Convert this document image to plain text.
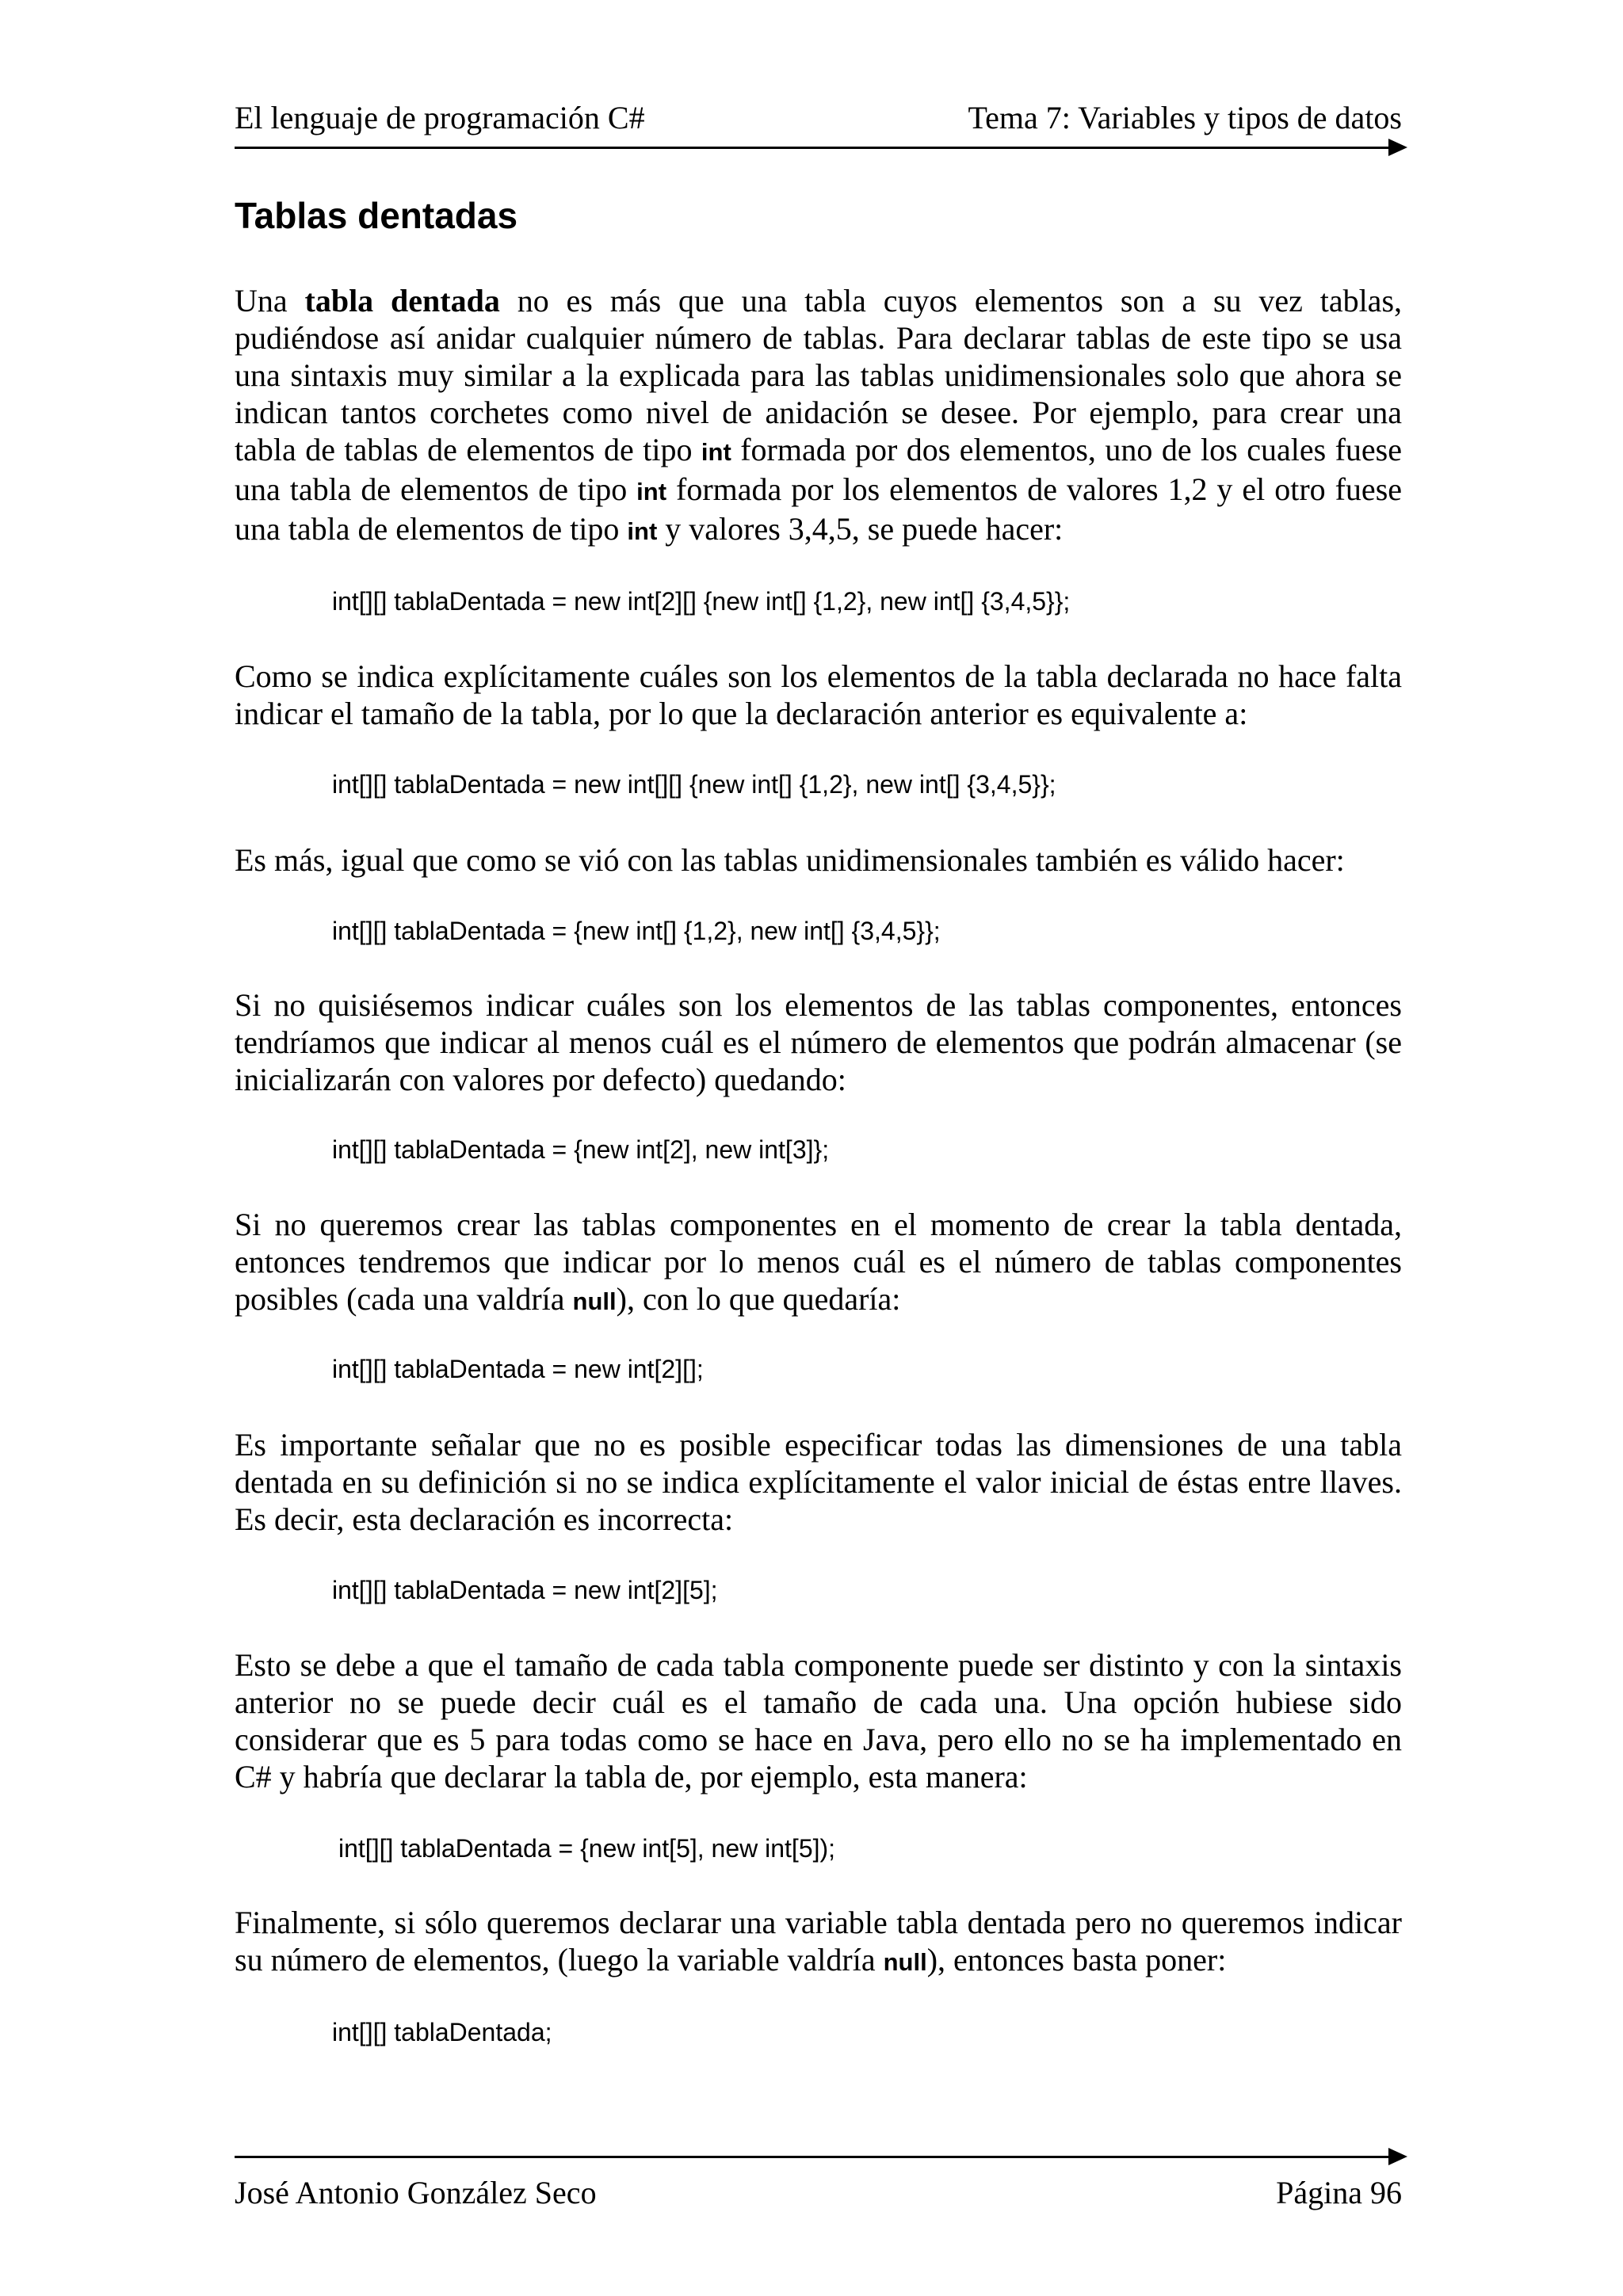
El lenguaje de programación C#	Tema 7: Variables y tipos de datos
Tablas dentadas
Una tabla dentada no es más que una tabla cuyos elementos son a su vez tablas, pudiéndose así anidar cualquier número de tablas. Para declarar tablas de este tipo se usa una sintaxis muy similar a la explicada para las tablas unidimensionales solo que ahora se indican tantos corchetes como nivel de anidación se desee. Por ejemplo, para crear una tabla de tablas de elementos de tipo int formada por dos elementos, uno de los cuales fuese una tabla de elementos de tipo int formada por los elementos de valores 1,2 y el otro fuese una tabla de elementos de tipo int y valores 3,4,5, se puede hacer:
int[][] tablaDentada = new int[2][] {new int[] {1,2}, new int[] {3,4,5}};
Como se indica explícitamente cuáles son los elementos de la tabla declarada no hace falta indicar el tamaño de la tabla, por lo que la declaración anterior es equivalente a:
int[][] tablaDentada = new int[][] {new int[] {1,2}, new int[] {3,4,5}};
Es más, igual que como se vió con las tablas unidimensionales también es válido hacer:
int[][] tablaDentada = {new int[] {1,2}, new int[] {3,4,5}};
Si no quisiésemos indicar cuáles son los elementos de las tablas componentes, entonces tendríamos que indicar al menos cuál es el número de elementos que podrán almacenar (se inicializarán con valores por defecto) quedando:
int[][] tablaDentada = {new int[2], new int[3]};
Si no queremos crear las tablas componentes en el momento de crear la tabla dentada, entonces tendremos que indicar por lo menos cuál es el número de tablas componentes posibles (cada una valdría null), con lo que quedaría:
int[][] tablaDentada = new int[2][];
Es importante señalar que no es posible especificar todas las dimensiones de una tabla dentada en su definición si no se indica explícitamente el valor inicial de éstas entre llaves. Es decir, esta declaración es incorrecta:
int[][] tablaDentada = new int[2][5];
Esto se debe a que el tamaño de cada tabla componente puede ser distinto y con la sintaxis anterior no se puede decir cuál es el tamaño de cada una. Una opción hubiese sido considerar que es 5 para todas como se hace en Java, pero ello no se ha implementado en C# y habría que declarar la tabla de, por ejemplo, esta manera:
int[][] tablaDentada = {new int[5], new int[5]);
Finalmente, si sólo queremos declarar una variable tabla dentada pero no queremos indicar su número de elementos, (luego la variable valdría null), entonces basta poner:
int[][] tablaDentada;
José Antonio González Seco	Página 96
